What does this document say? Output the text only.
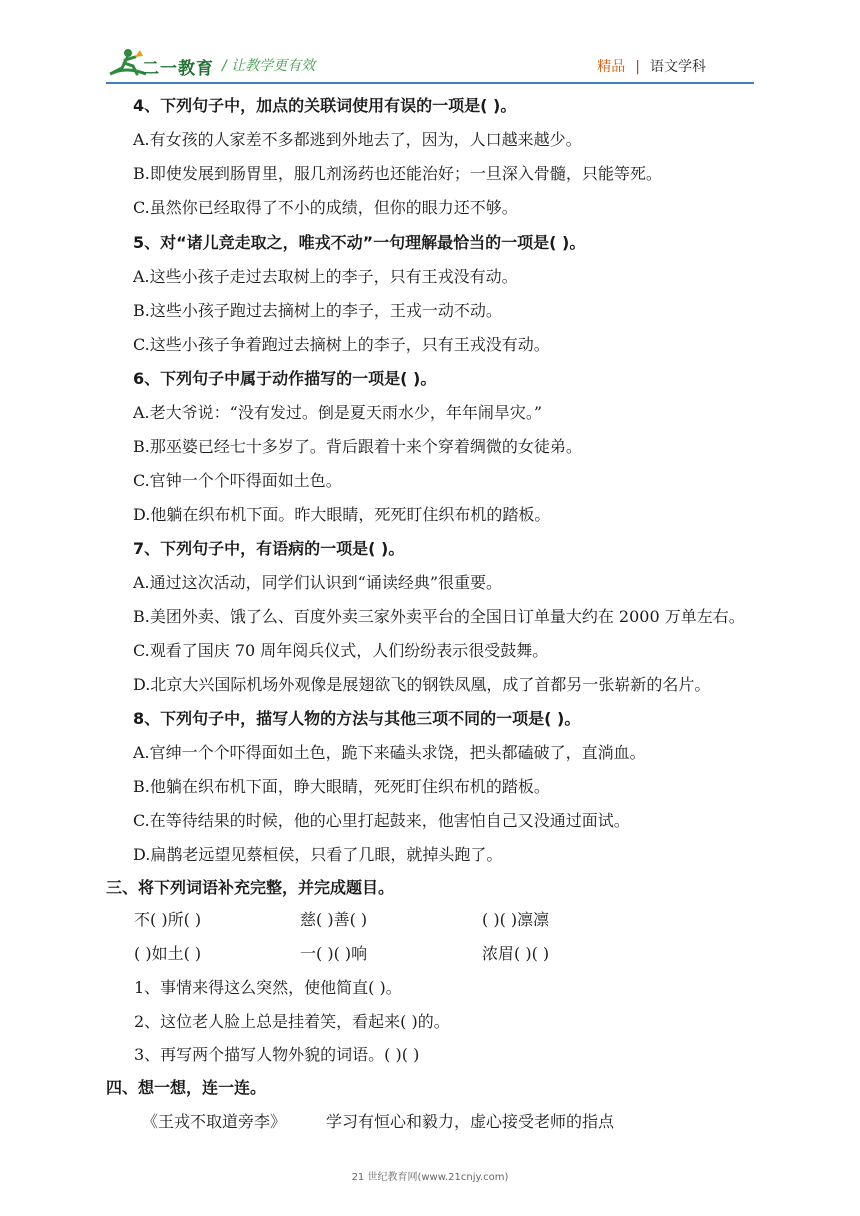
二一教育 / 让教学更有效	精品 | 语文学科
4、下列句子中，加点的关联词使用有误的一项是( )。
A.有女孩的人家差不多都逃到外地去了，因为，人口越来越少。
B.即使发展到肠胃里，服几剂汤药也还能治好；一旦深入骨髓，只能等死。
C.虽然你已经取得了不小的成绩，但你的眼力还不够。
5、对“诸儿竞走取之，唯戎不动”一句理解最恰当的一项是( )。
A.这些小孩子走过去取树上的李子，只有王戎没有动。
B.这些小孩子跑过去摘树上的李子，王戎一动不动。
C.这些小孩子争着跑过去摘树上的李子，只有王戎没有动。
6、下列句子中属于动作描写的一项是( )。
A.老大爷说：“没有发过。倒是夏天雨水少，年年闹旱灾。”
B.那巫婆已经七十多岁了。背后跟着十来个穿着绸微的女徒弟。
C.官钟一个个吓得面如土色。
D.他躺在织布机下面。昨大眼睛，死死盯住织布机的踏板。
7、下列句子中，有语病的一项是( )。
A.通过这次活动，同学们认识到“诵读经典”很重要。
B.美团外卖、饿了么、百度外卖三家外卖平台的全国日订单量大约在 2000 万单左右。
C.观看了国庆 70 周年阅兵仪式，人们纷纷表示很受鼓舞。
D.北京大兴国际机场外观像是展翅欲飞的钢铁凤凰，成了首都另一张崭新的名片。
8、下列句子中，描写人物的方法与其他三项不同的一项是( )。
A.官绅一个个吓得面如土色，跪下来磕头求饶，把头都磕破了，直淌血。
B.他躺在织布机下面，睁大眼睛，死死盯住织布机的踏板。
C.在等待结果的时候，他的心里打起鼓来，他害怕自己又没通过面试。
D.扁鹊老远望见蔡桓侯，只看了几眼，就掉头跑了。
三、将下列词语补充完整，并完成题目。
不( )所( )	慈( )善( )	( )( )凛凛
( )如土( )	一( )( )响	浓眉( )( )
1、事情来得这么突然，使他简直( )。
2、这位老人脸上总是挂着笑，看起来( )的。
3、再写两个描写人物外貌的词语。( )( )
四、想一想，连一连。
《王戎不取道旁李》 学习有恒心和毅力，虚心接受老师的指点
21 世纪教育网(www.21cnjy.com)
